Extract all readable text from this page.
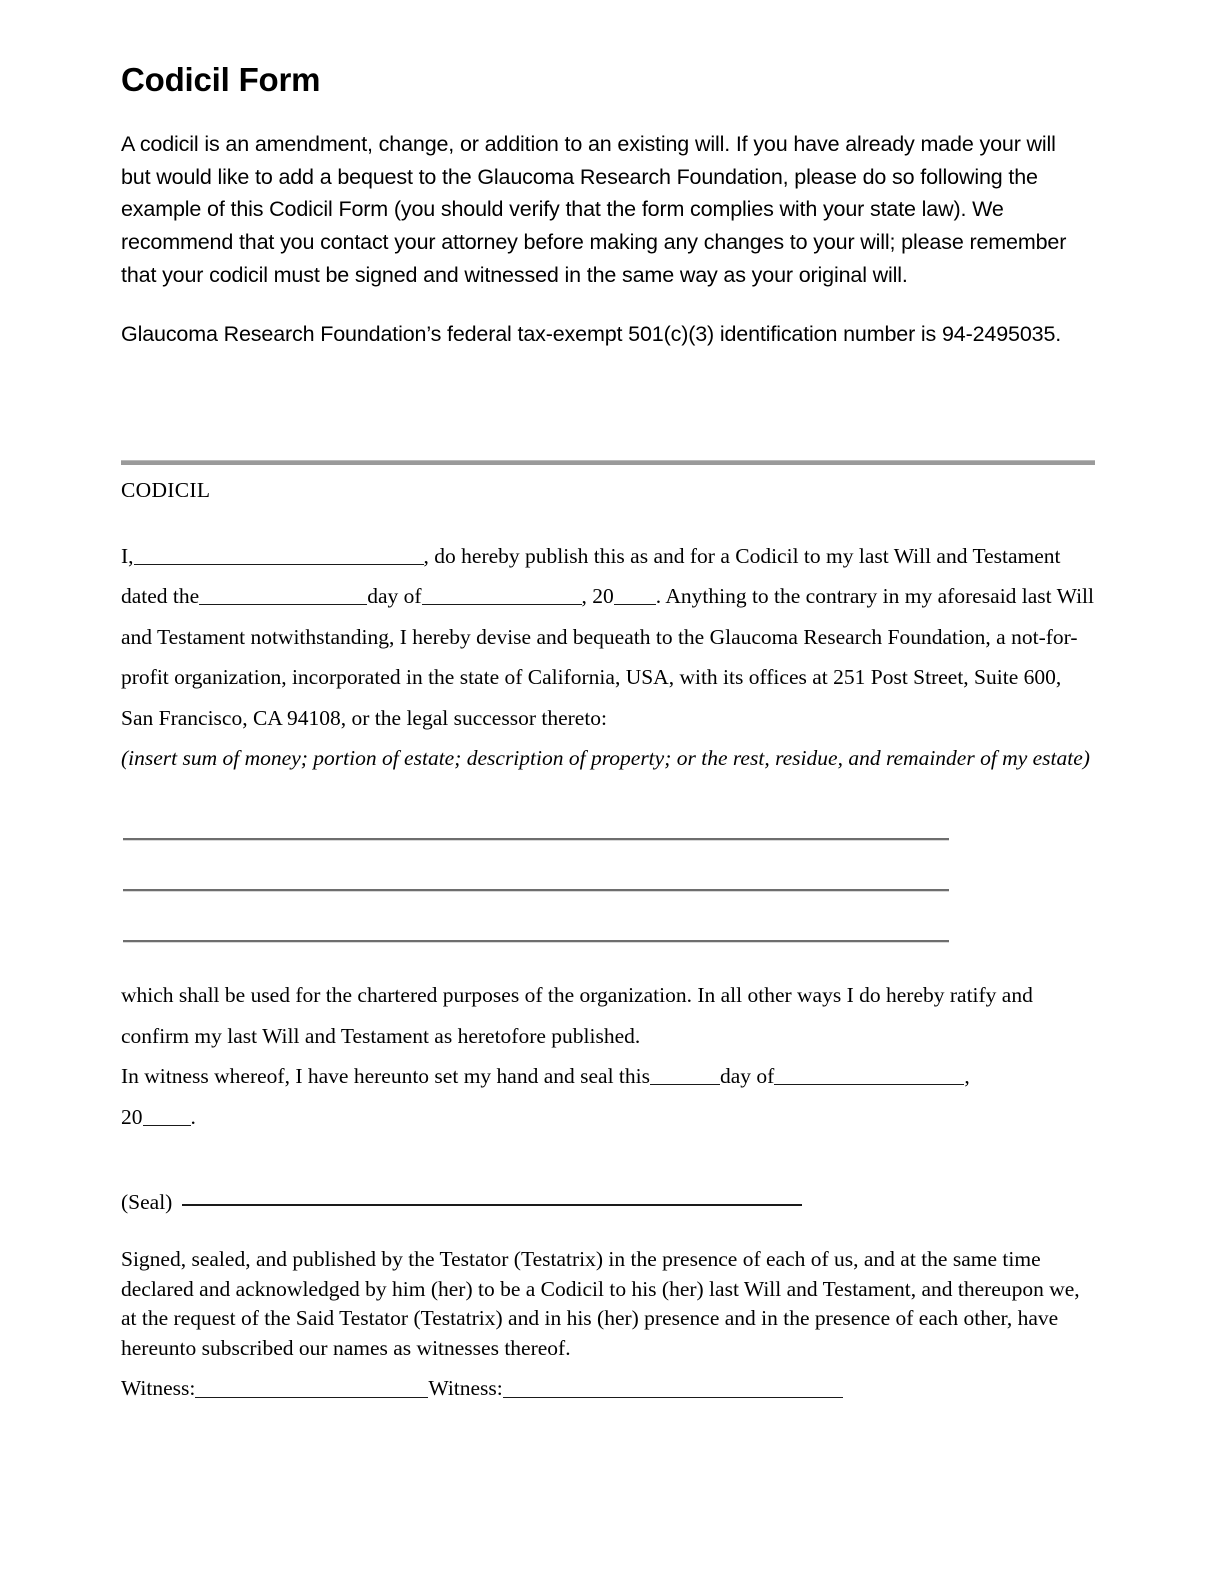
Codicil Form

A codicil is an amendment, change, or addition to an existing will. If you have already made your will but would like to add a bequest to the Glaucoma Research Foundation, please do so following the example of this Codicil Form (you should verify that the form complies with your state law). We recommend that you contact your attorney before making any changes to your will; please remember that your codicil must be signed and witnessed in the same way as your original will.

Glaucoma Research Foundation’s federal tax-exempt 501(c)(3) identification number is 94-2495035.

CODICIL

I,	, do hereby publish this as and for a Codicil to my last Will and Testament dated the	day of	, 20 . Anything to the contrary in my aforesaid last Will and Testament notwithstanding, I hereby devise and bequeath to the Glaucoma Research Foundation, a not-for-profit organization, incorporated in the state of California, USA, with its offices at 251 Post Street, Suite 600, San Francisco, CA 94108, or the legal successor thereto:

(insert sum of money; portion of estate; description of property; or the rest, residue, and remainder of my estate)

which shall be used for the chartered purposes of the organization. In all other ways I do hereby ratify and confirm my last Will and Testament as heretofore published.

In witness whereof, I have hereunto set my hand and seal this	day of	,
20 .

(Seal)

Signed, sealed, and published by the Testator (Testatrix) in the presence of each of us, and at the same time declared and acknowledged by him (her) to be a Codicil to his (her) last Will and Testament, and thereupon we, at the request of the Said Testator (Testatrix) and in his (her) presence and in the presence of each other, have hereunto subscribed our names as witnesses thereof.

Witness:	Witness:
